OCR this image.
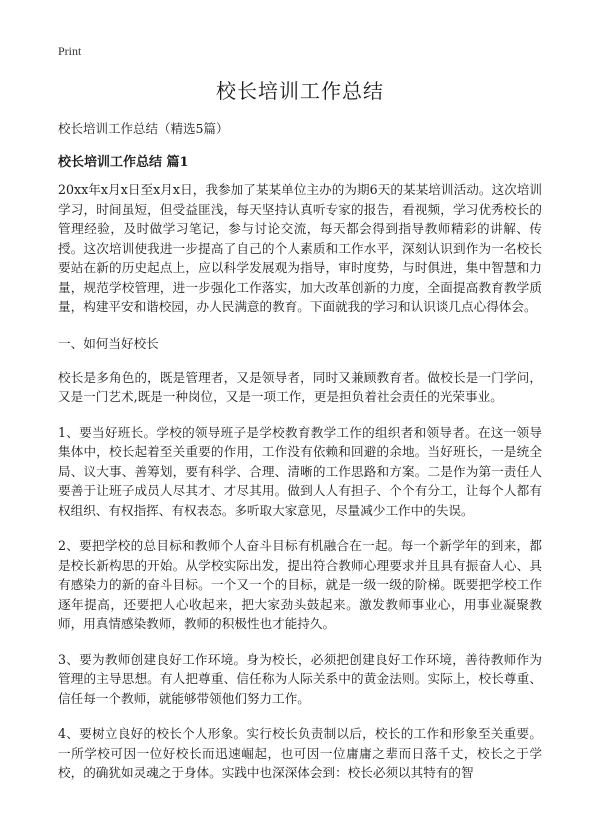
Print
校长培训工作总结
校长培训工作总结（精选5篇）
校长培训工作总结 篇1

20xx年x月x日至x月x日，我参加了某某单位主办的为期6天的某某培训活动。这次培训学习，时间虽短，但受益匪浅，每天坚持认真听专家的报告，看视频，学习优秀校长的管理经验，及时做学习笔记，参与讨论交流，每天都会得到指导教师精彩的讲解、传授。这次培训使我进一步提高了自己的个人素质和工作水平，深刻认识到作为一名校长要站在新的历史起点上，应以科学发展观为指导，审时度势，与时俱进，集中智慧和力量，规范学校管理，进一步强化工作落实，加大改革创新的力度，全面提高教育教学质量，构建平安和谐校园，办人民满意的教育。下面就我的学习和认识谈几点心得体会。

一、如何当好校长

校长是多角色的，既是管理者，又是领导者，同时又兼顾教育者。做校长是一门学问，又是一门艺术,既是一种岗位，又是一项工作，更是担负着社会责任的光荣事业。

1、要当好班长。学校的领导班子是学校教育教学工作的组织者和领导者。在这一领导集体中，校长起着至关重要的作用，工作没有依赖和回避的余地。当好班长，一是统全局、议大事、善筹划，要有科学、合理、清晰的工作思路和方案。二是作为第一责任人要善于让班子成员人尽其才、才尽其用。做到人人有担子、个个有分工，让每个人都有权组织、有权指挥、有权表态。多听取大家意见，尽量减少工作中的失误。

2、要把学校的总目标和教师个人奋斗目标有机融合在一起。每一个新学年的到来，都是校长新构思的开始。从学校实际出发，提出符合教师心理要求并且具有振奋人心、具有感染力的新的奋斗目标。一个又一个的目标，就是一级一级的阶梯。既要把学校工作逐年提高，还要把人心收起来，把大家劲头鼓起来。激发教师事业心，用事业凝聚教师，用真情感染教师，教师的积极性也才能持久。

3、要为教师创建良好工作环境。身为校长，必须把创建良好工作环境，善待教师作为管理的主导思想。有人把尊重、信任称为人际关系中的黄金法则。实际上，校长尊重、信任每一个教师，就能够带领他们努力工作。

4、要树立良好的校长个人形象。实行校长负责制以后，校长的工作和形象至关重要。一所学校可因一位好校长而迅速崛起，也可因一位庸庸之辈而日落千丈，校长之于学校，的确犹如灵魂之于身体。实践中也深深体会到：校长必须以其特有的智
